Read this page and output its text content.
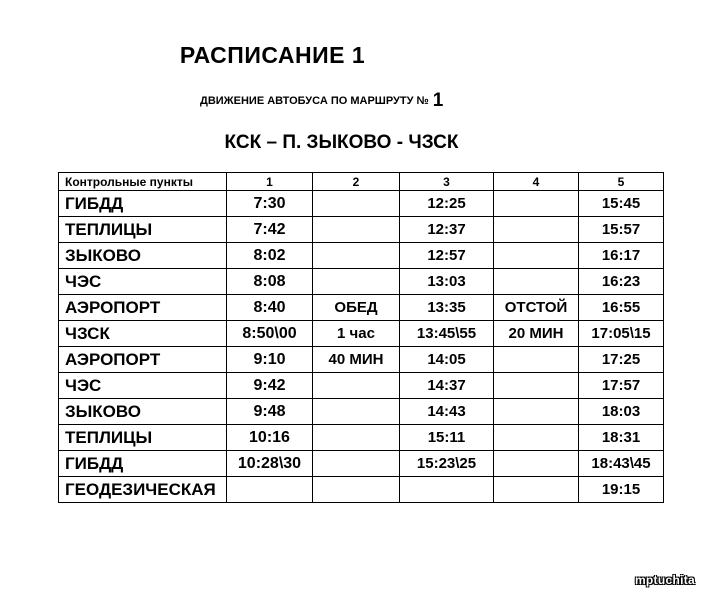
РАСПИСАНИЕ 1
ДВИЖЕНИЕ АВТОБУСА ПО МАРШРУТУ № 1
КСК – П. ЗЫКОВО - ЧЗСК
Контрольные пункты	1	2	3	4	5
ГИБДД	7:30		12:25		15:45
ТЕПЛИЦЫ	7:42		12:37		15:57
ЗЫКОВО	8:02		12:57		16:17
ЧЭС	8:08		13:03		16:23
АЭРОПОРТ	8:40	ОБЕД	13:35	ОТСТОЙ	16:55
ЧЗСК	8:50\00	1 час	13:45\55	20 МИН	17:05\15
АЭРОПОРТ	9:10	40 МИН	14:05		17:25
ЧЭС	9:42		14:37		17:57
ЗЫКОВО	9:48		14:43		18:03
ТЕПЛИЦЫ	10:16		15:11		18:31
ГИБДД	10:28\30		15:23\25		18:43\45
ГЕОДЕЗИЧЕСКАЯ					19:15
mptuchita
